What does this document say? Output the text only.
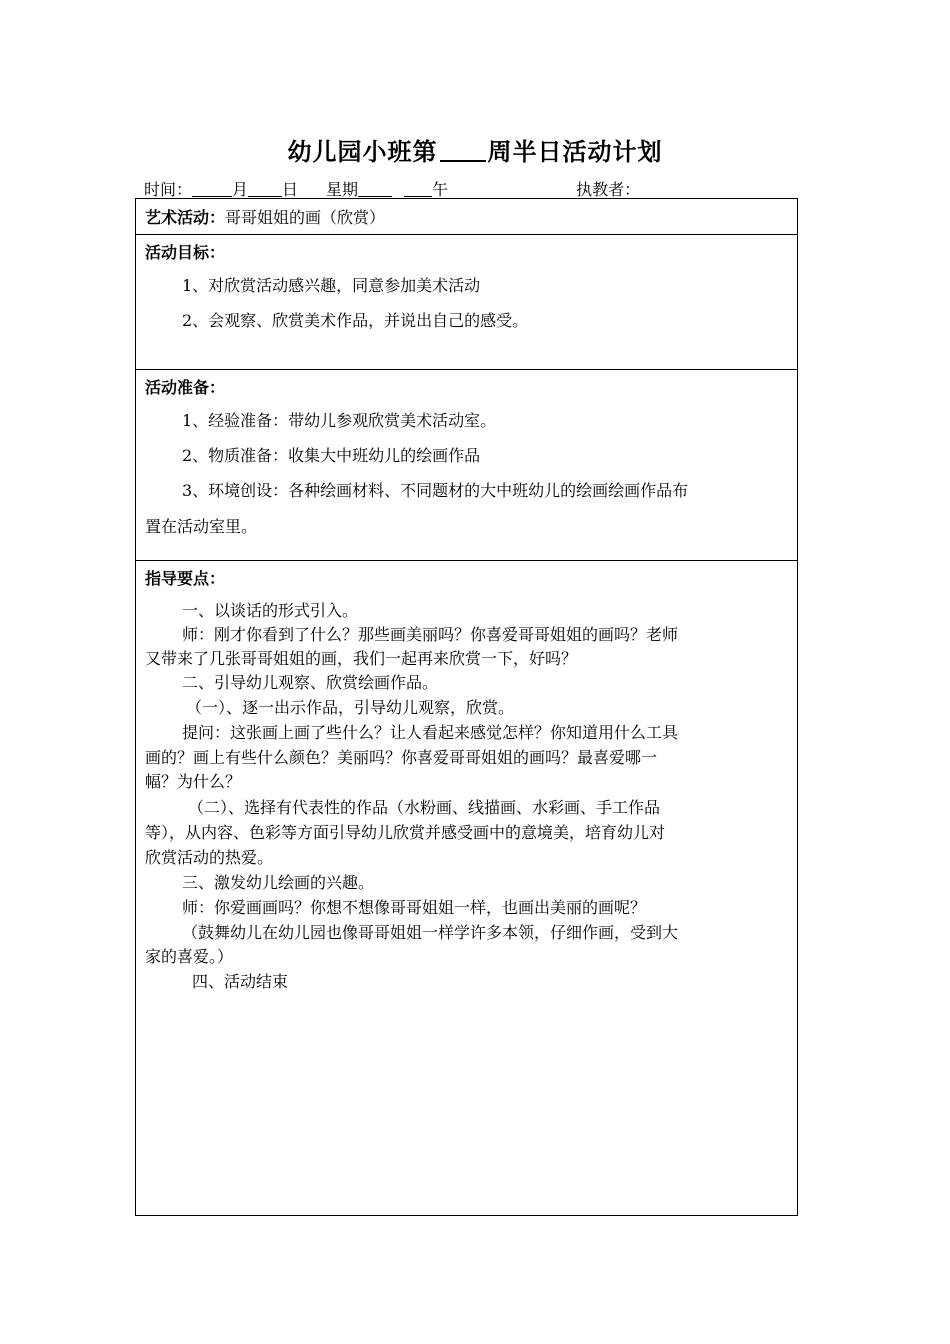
幼儿园小班第 周半日活动计划
时间：	月 日 星期	午	执教者：
艺术活动：哥哥姐姐的画（欣赏）
活动目标：
1、对欣赏活动感兴趣，同意参加美术活动
2、会观察、欣赏美术作品，并说出自己的感受。
活动准备：
1、经验准备：带幼儿参观欣赏美术活动室。
2、物质准备：收集大中班幼儿的绘画作品
3、环境创设：各种绘画材料、不同题材的大中班幼儿的绘画绘画作品布
置在活动室里。
指导要点：
一、以谈话的形式引入。
师：刚才你看到了什么？那些画美丽吗？你喜爱哥哥姐姐的画吗？老师
又带来了几张哥哥姐姐的画，我们一起再来欣赏一下，好吗？
二、引导幼儿观察、欣赏绘画作品。
（一）、逐一出示作品，引导幼儿观察，欣赏。
提问：这张画上画了些什么？让人看起来感觉怎样？你知道用什么工具
画的？画上有些什么颜色？美丽吗？你喜爱哥哥姐姐的画吗？最喜爱哪一
幅？为什么？
（二）、选择有代表性的作品（水粉画、线描画、水彩画、手工作品
等），从内容、色彩等方面引导幼儿欣赏并感受画中的意境美，培育幼儿对
欣赏活动的热爱。
三、激发幼儿绘画的兴趣。
师：你爱画画吗？你想不想像哥哥姐姐一样，也画出美丽的画呢？
（鼓舞幼儿在幼儿园也像哥哥姐姐一样学许多本领，仔细作画，受到大
家的喜爱。）
四、活动结束
